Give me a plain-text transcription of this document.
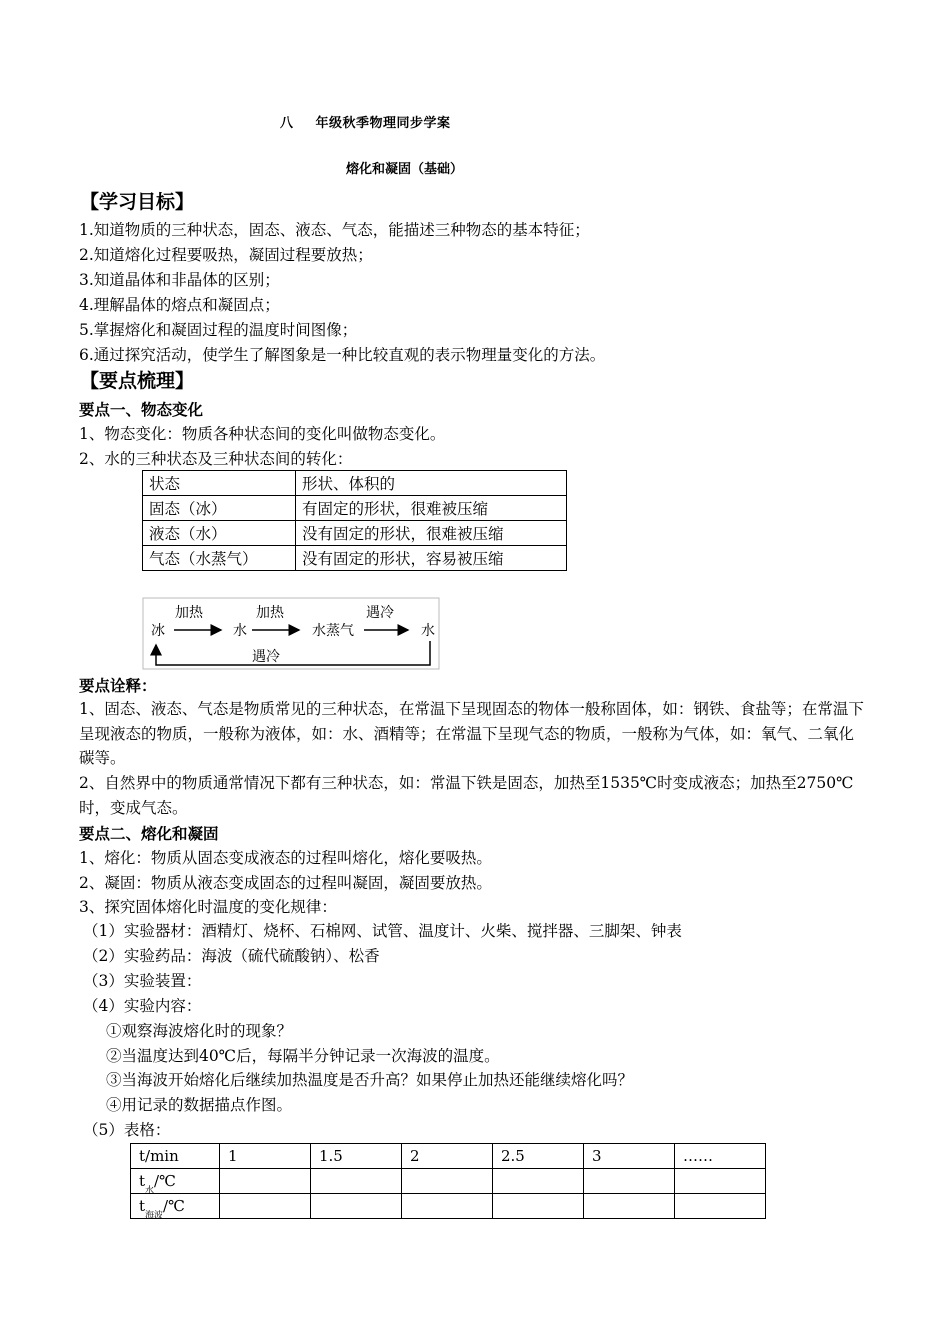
八 年级秋季物理同步学案
熔化和凝固（基础）
【学习目标】
1.知道物质的三种状态，固态、液态、气态，能描述三种物态的基本特征；
2.知道熔化过程要吸热，凝固过程要放热；
3.知道晶体和非晶体的区别；
4.理解晶体的熔点和凝固点；
5.掌握熔化和凝固过程的温度时间图像；
6.通过探究活动，使学生了解图象是一种比较直观的表示物理量变化的方法。
【要点梳理】
要点一、物态变化
1、物态变化：物质各种状态间的变化叫做物态变化。
2、水的三种状态及三种状态间的转化：
状态	形状、体积的
固态（冰）	有固定的形状，很难被压缩
液态（水）	没有固定的形状，很难被压缩
气态（水蒸气）	没有固定的形状，容易被压缩
冰	水	水蒸气	水
加热	加热	遇冷
遇冷
要点诠释：
1、固态、液态、气态是物质常见的三种状态，在常温下呈现固态的物体一般称固体，如：钢铁、食盐等；在常温下呈现液态的物质，一般称为液体，如：水、酒精等；在常温下呈现气态的物质，一般称为气体，如：氧气、二氧化碳等。
2、自然界中的物质通常情况下都有三种状态，如：常温下铁是固态，加热至1535℃时变成液态；加热至2750℃时，变成气态。
要点二、熔化和凝固
1、熔化：物质从固态变成液态的过程叫熔化，熔化要吸热。
2、凝固：物质从液态变成固态的过程叫凝固，凝固要放热。
3、探究固体熔化时温度的变化规律：
（1）实验器材：酒精灯、烧杯、石棉网、试管、温度计、火柴、搅拌器、三脚架、钟表
（2）实验药品：海波（硫代硫酸钠）、松香
（3）实验装置：
（4）实验内容：
①观察海波熔化时的现象？
②当温度达到40℃后，每隔半分钟记录一次海波的温度。
③当海波开始熔化后继续加热温度是否升高？如果停止加热还能继续熔化吗？
④用记录的数据描点作图。
（5）表格：
t/min	1	1.5	2	2.5	3	……
$t_水/℃$						
$t_{海波}/℃$						
